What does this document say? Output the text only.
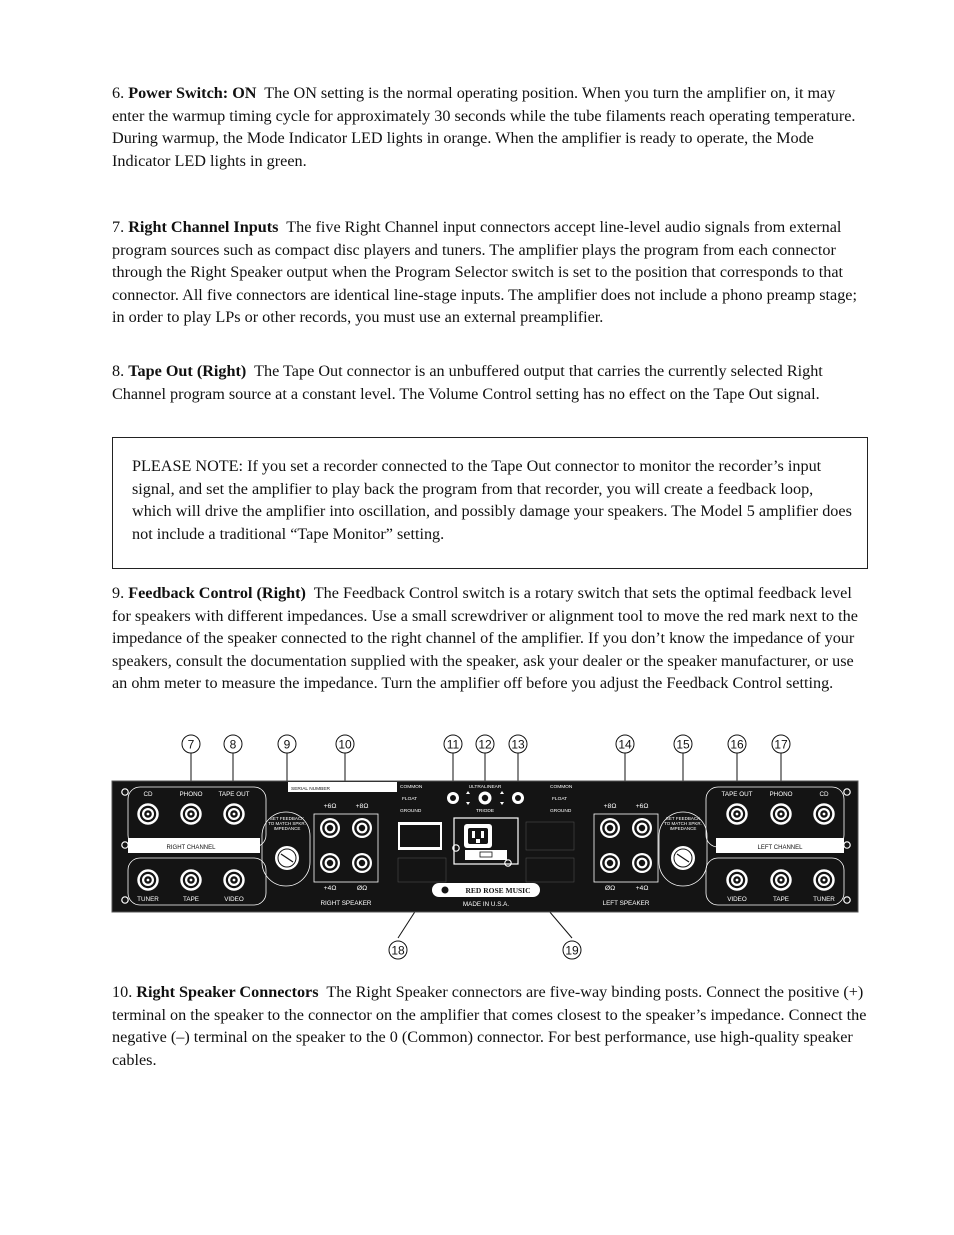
6. Power Switch: ON The ON setting is the normal operating position. When you turn the amplifier on, it may enter the warmup timing cycle for approximately 30 seconds while the tube filaments reach operating temperature. During warmup, the Mode Indicator LED lights in orange. When the amplifier is ready to operate, the Mode Indicator LED lights in green.

7. Right Channel Inputs The five Right Channel input connectors accept line-level audio signals from external program sources such as compact disc players and tuners. The amplifier plays the program from each connector through the Right Speaker output when the Program Selector switch is set to the position that corresponds to that connector. All five connectors are identical line-stage inputs. The amplifier does not include a phono preamp stage; in order to play LPs or other records, you must use an external preamplifier.

8. Tape Out (Right) The Tape Out connector is an unbuffered output that carries the currently selected Right Channel program source at a constant level. The Volume Control setting has no effect on the Tape Out signal.

PLEASE NOTE: If you set a recorder connected to the Tape Out connector to monitor the recorder’s input signal, and set the amplifier to play back the program from that recorder, you will create a feedback loop, which will drive the amplifier into oscillation, and possibly damage your speakers. The Model 5 amplifier does not include a traditional “Tape Monitor” setting.

9. Feedback Control (Right) The Feedback Control switch is a rotary switch that sets the optimal feedback level for speakers with different impedances. Use a small screwdriver or alignment tool to move the red mark next to the impedance of the speaker connected to the right channel of the amplifier. If you don’t know the impedance of your speakers, consult the documentation supplied with the speaker, ask your dealer or the speaker manufacturer, or use an ohm meter to measure the impedance. Turn the amplifier off before you adjust the Feedback Control setting.

7	8	9	10	11 12 13	14	15	16	17
RIGHT CHANNEL
CD	PHONO	TAPE OUT
TUNER	TAPE	VIDEO
SET FEEDBACK
TO MATCH SPKR.
IMPEDANCE
SERIAL NUMBER
+6Ω	+8Ω
+4Ω	ØΩ
RIGHT SPEAKER
COMMON
FLOAT
GROUND
COMMON
FLOAT
GROUND
ULTRALINEAR
TRIODE
RED ROSE MUSIC
MADE IN U.S.A.
+8Ω	+6Ω
ØΩ	+4Ω
LEFT SPEAKER
SET FEEDBACK
TO MATCH SPKR.
IMPEDANCE
LEFT CHANNEL
TAPE OUT	PHONO	CD
VIDEO	TAPE	TUNER
18	19

10. Right Speaker Connectors The Right Speaker connectors are five-way binding posts. Connect the positive (+) terminal on the speaker to the connector on the amplifier that comes closest to the speaker’s impedance. Connect the negative (–) terminal on the speaker to the 0 (Common) connector. For best performance, use high-quality speaker cables.
